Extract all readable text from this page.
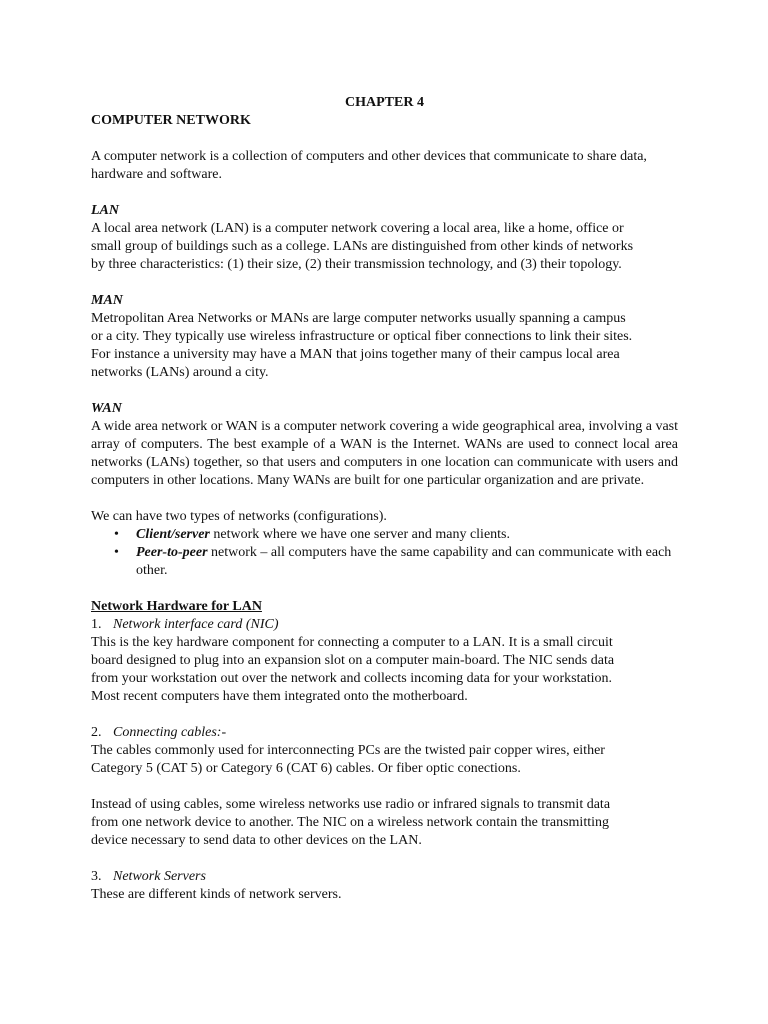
CHAPTER 4

COMPUTER NETWORK

A computer network is a collection of computers and other devices that communicate to share data, hardware and software.

LAN

A local area network (LAN) is a computer network covering a local area, like a home, office or

small group of buildings such as a college. LANs are distinguished from other kinds of networks

by three characteristics: (1) their size, (2) their transmission technology, and (3) their topology.

MAN

Metropolitan Area Networks or MANs are large computer networks usually spanning a campus

or a city. They typically use wireless infrastructure or optical fiber connections to link their sites.

For instance a university may have a MAN that joins together many of their campus local area

networks (LANs) around a city.

WAN

A wide area network or WAN is a computer network covering a wide geographical area, involving a vast array of computers. The best example of a WAN is the Internet. WANs are used to connect local area networks (LANs) together, so that users and computers in one location can communicate with users and computers in other locations. Many WANs are built for one particular organization and are private.

We can have two types of networks (configurations).

• Client/server network where we have one server and many clients.
• Peer-to-peer network – all computers have the same capability and can communicate with each other.

Network Hardware for LAN

1. Network interface card (NIC)

This is the key hardware component for connecting a computer to a LAN. It is a small circuit

board designed to plug into an expansion slot on a computer main-board. The NIC sends data

from your workstation out over the network and collects incoming data for your workstation.

Most recent computers have them integrated onto the motherboard.

2. Connecting cables:-

The cables commonly used for interconnecting PCs are the twisted pair copper wires, either

Category 5 (CAT 5) or Category 6 (CAT 6) cables. Or fiber optic conections.

Instead of using cables, some wireless networks use radio or infrared signals to transmit data

from one network device to another. The NIC on a wireless network contain the transmitting

device necessary to send data to other devices on the LAN.

3. Network Servers

These are different kinds of network servers.
